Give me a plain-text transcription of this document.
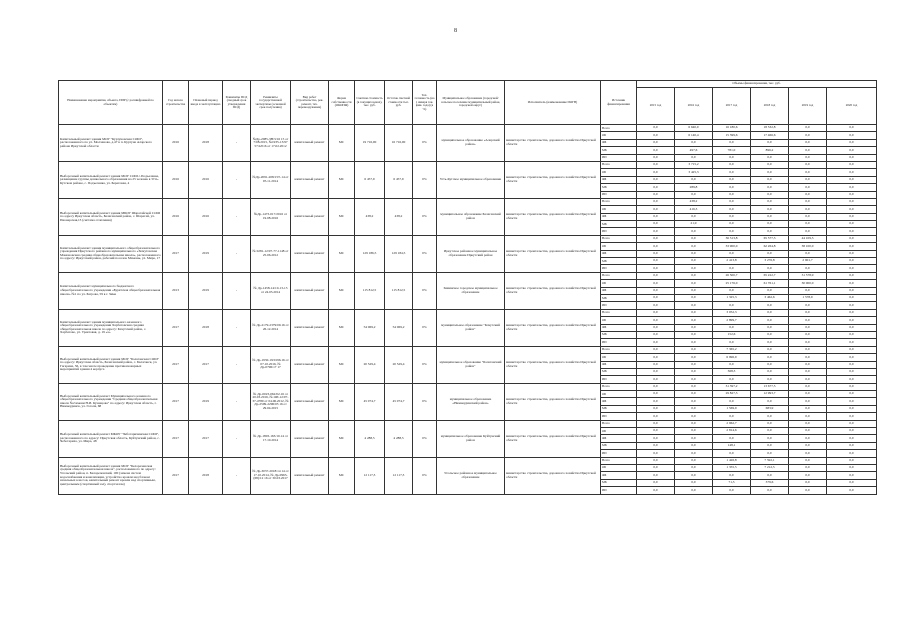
8
Наименование мероприятия, объекта, ПИР (с расшифровкой по объектам)	Год начала строительства	Плановый период ввода в эксплуатацию	Реквизиты ПСД (сводный срок утверждения ПСД)	Реквизиты государственной экспертизы (основной срок получения)	Вид работ (строительство, рек. ремонт, тех. перевооружение)	Форма собственности (ОКОПФ)	Сметная стоимость (в текущих ценах), тыс. руб.	Остаток сметной стоимости тыс. руб.	Тех. готовность (на 1 января тек. фин. года) (в %)	Муниципальное образование (городской/сельское поселение муниципальный район, городской округ)	Исполнитель (наименование ИОГВ)	Источник финансирования	Объемы финансирования, тыс. руб.					
													2015 год	2016 год	2017 год	2018 год	2019 год	2020 год
Капитальный ремонт здания МОУ "Куртуновская СОШ", расположенного по ул. Молчанова, д.47 в п. Куртуна Аларского района Иркутской области	2016	2018	-	№Др-2085-ЗН/3/16 15 от 7/08.2015, №1935-13/97 57/4/016 от 17.02.2012	капитальный ремонт	МС	19 716,00	16 716,00	0%	муниципальное образование «Аларский район»	министерство строительства, дорожного хозяйства Иркутской области	Всего	0,0	6 640,0	16 180,6	18 532,8	0,0	0,0
												ОБ	0,0	6 140,4	15 399,6	17 466,6	0,0	0,0
												ФБ	0,0	0,0	0,0	0,0	0,0	0,0
												МБ	0,0	497,6	781,0	896,2	0,0	0,0
												ИИ	0,0	0,0	0,0	0,0	0,0	0,0
Выборочный капитальный ремонт здания МОУ СОШ с.Подъеланка, размещение группы дошкольного образования на 25 человек в Усть-Кутском районе, с. Подъеланка, ул. Береговая, 4	2016	2016	-	№Др-2091-208/15Т-14 от 05.11.2014	капитальный ремонт	МС	6 457,9	6 457,9	0%	Усть-Кутское муниципальное образование	министерство строительства, дорожного хозяйства Иркутской области	Всего	0,0	3 715,2	0,0	0,0	0,0	0,0
												ОБ	0,0	3 425,3	0,0	0,0	0,0	0,0
												ФБ	0,0	0,0	0,0	0,0	0,0	0,0
												МБ	0,0	289,8	0,0	0,0	0,0	0,0
												ИИ	0,0	0,0	0,0	0,0	0,0	0,0
Выборочный капитальный ремонт здания МБОУ Шарагайской СОШ по адресу Иркутская область, Балаганский район, с. Шарагай, ул. Пионерская,13 (система отопления)	2016	2016	-	№Др-1473-017/2016 от 19.08.2016	капитальный ремонт	МС	438,2	438,2	0%	муниципальное образование Балаганский район	министерство строительства, дорожного хозяйства Иркутской области	Всего	0,0	438,2	0,0	0,0	0,0	0,0
												ОБ	0,0	416,3	0,0	0,0	0,0	0,0
												ФБ	0,0	0,0	0,0	0,0	0,0	0,0
												МБ	0,0	21,9	0,0	0,0	0,0	0,0
												ИИ	0,0	0,0	0,0	0,0	0,0	0,0
Капитальный ремонт здания муниципального общеобразовательного учреждения Иркутского районного муниципального «Хомутовская Мамоновская средняя общеобразовательная школа», расположенного по адресу: Иркутский район, рабочий поселок Мамоны, ул. Мира, 17	2017	2019	-	№ 0281-12/97-77-1148 от 25.06.2012	капитальный ремонт	МС	129 186,5	129 184,5	0%	Иркутское районное муниципальное образование Иркутский район	министерство строительства, дорожного хозяйства Иркутской области	Всего	0,0	0,0	36 313,8	65 577,3	44 109,5	0,0
												ОБ	0,0	0,0	33 900,0	62 264,8	38 100,0	0,0
												ФБ	0,0	0,0	0,0	0,0	0,0	0,0
												МБ	0,0	0,0	2 413,8	3 276,8	2 901,7	0,0
												ИИ	0,0	0,0	0,0	0,0	0,0	0,0
Капитальный ремонт муниципального бюджетного общеобразовательного учреждения «Бурятская общеобразовательная школа» №1 по ул. Багрова, 59 в г. Зиме	2013	2019	-	№ Др-1458-14/10-13-13 от 24.03.2014	капитальный ремонт	МС	115 812,5	115 812,5	0%	Зиминское городское муниципальное образование	министерство строительства, дорожного хозяйства Иркутской области	Всего	0,0	0,0	26 500,7	65 222,7	31 578,9	0,0
												ОБ	0,0	0,0	25 176,0	61 761,1	30 000,0	0,0
												ФБ	0,0	0,0	0,0	0,0	0,0	0,0
												МБ	0,0	0,0	1 325,3	3 462,6	1 578,9	0,0
												ИИ	0,0	0,0	0,0	0,0	0,0	0,0
Капитальный ремонт здания муниципального казенного общеобразовательного учреждения Харбатовская средняя общеобразовательная школа по адресу: Качугский район, с. Харбатово, ул. Трактовая, д. 19 «а»	2017	2018	-	№ Др-2179-2379/09.16 от 26.12.2014	капитальный ремонт	МС	54 069,2	54 069,2	0%	муниципальное образование "Качугский район"	министерство строительства, дорожного хозяйства Иркутской области	Всего	0,0	0,0	3 052,3	0,0	0,0	0,0
												ОБ	0,0	0,0	2 899,7	0,0	0,0	0,0
												ФБ	0,0	0,0	0,0	0,0	0,0	0,0
												МБ	0,0	0,0	152,6	0,0	0,0	0,0
												ИИ	0,0	0,0	0,0	0,0	0,0	0,0
Выборочный капитальный ремонт здания МОУ "Балаганская СОШ" по адресу: Иркутская область, Балаганский район, с. Балаганск, ул. Гагарина, 36, в том числе проведение противопожарных мероприятий здания 4 корпуса	2017	2017	-	№ Др-1930-19/0196.16 от 07.10.2016, № Др-0796/17 17	капитальный ремонт	МС	20 529,4	20 529,4	0%	муниципальное образование "Балаганский район"	министерство строительства, дорожного хозяйства Иркутской области	Всего	0,0	0,0	7 365,2	0,0	0,0	0,0
												ОБ	0,0	0,0	6 996,9	0,0	0,0	0,0
												ФБ	0,0	0,0	0,0	0,0	0,0	0,0
												МБ	0,0	0,0	368,3	0,0	0,0	0,0
												ИИ	0,0	0,0	0,0	0,0	0,0	0,0
Выборочный капитальный ремонт Муниципального казенного общеобразовательного учреждения "Средняя общеобразовательная школа №2 имени Н.И. Кузнецова" по адресу: Иркутская область, г. Нижнеудинск, ул. Гоголя, 68	2017	2019	-	№ Др-0023-062/02.16 от 20.03.2016, № ОИ-12/07-37-4780 от 04.06.2012, № Др-2599-2296/03 16 от 29.04.2015	капитальный ремонт	МС	45 074,7	45 074,7	0%	муниципальное образование «Нижнеудинский район»	министерство строительства, дорожного хозяйства Иркутской области	Всего	0,0	0,0	31 397,2	13 677,5	0,0	0,0
												ОБ	0,0	0,0	29 827,3	12 993,7	0,0	0,0
												ФБ	0,0	0,0	0,0	0,0	0,0	0,0
												МБ	0,0	0,0	1 569,9	683,9	0,0	0,0
												ИИ	0,0	0,0	0,0	0,0	0,0	0,0
Выборочный капитальный ремонт МКОУ "Чеботарихинская СОШ", расположенного по адресу: Иркутская область, Куйтунский район, с. Чеботариха, ул. Мира, 48	2017	2017	-	№ Др-1803-163/10.14 от 17.10.2014	капитальный ремонт	МС	4 288,5	4 288,5	0%	муниципальное образование Куйтунский район	министерство строительства, дорожного хозяйства Иркутской области	Всего	0,0	0,0	2 962,7	0,0	0,0	0,0
												ОБ	0,0	0,0	2 814,6	0,0	0,0	0,0
												ФБ	0,0	0,0	0,0	0,0	0,0	0,0
												МБ	0,0	0,0	148,1	0,0	0,0	0,0
												ИИ	0,0	0,0	0,0	0,0	0,0	0,0
Выборочный капитальный ремонт здания МОУ "Белореченская средняя общеобразовательная школа", расположенного по адресу: Усольский район, п. Белореченский, 100 (замена систем водоснабжения и канализации, устройство кровли над блоком начальных классов, капитальный ремонт кровли над спортивным, центральным (спортивный зал), спортзалом)	2017	2018	-	№ Др-3037-2018/14 14 от 17.10.2014, № Др-0963-(68)/12 16 от 30.03.2017	капитальный ремонт	МС	12 117,3	12 117,3	0%	Усольское районное муниципальное образование	министерство строительства, дорожного хозяйства Иркутской области	Всего	0,0	0,0	1 426,8	7 592,1	0,0	0,0
												ОБ	0,0	0,0	1 355,5	7 212,5	0,0	0,0
												ФБ	0,0	0,0	0,0	0,0	0,0	0,0
												МБ	0,0	0,0	71,3	379,6	0,0	0,0
												ИИ	0,0	0,0	0,0	0,0	0,0	0,0
